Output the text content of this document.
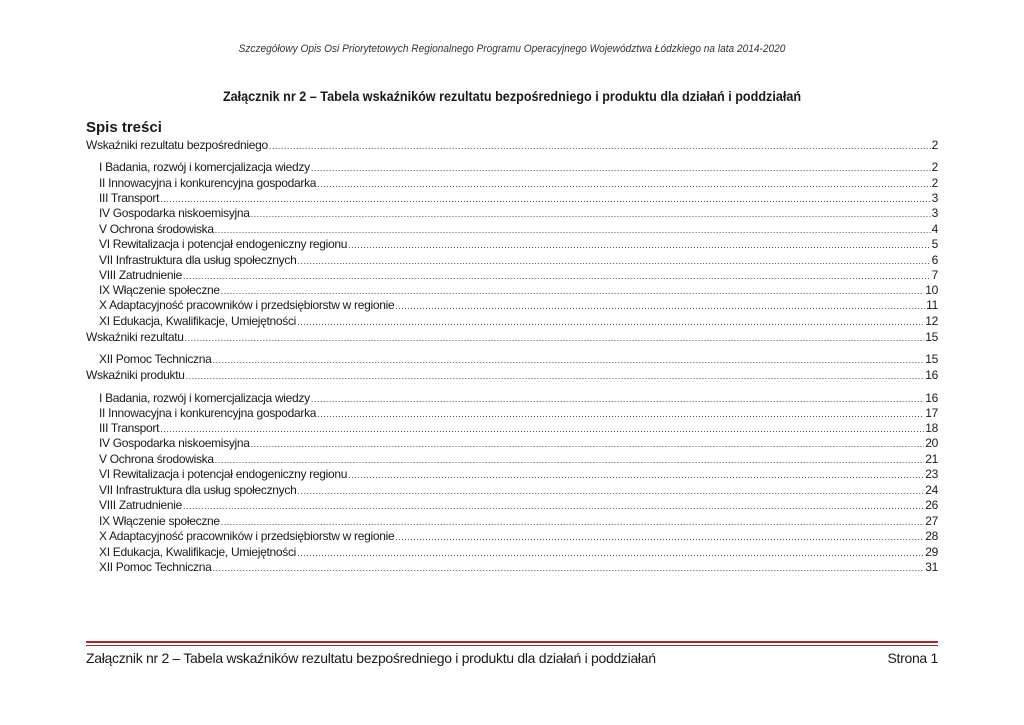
Szczegółowy Opis Osi Priorytetowych Regionalnego Programu Operacyjnego Województwa Łódzkiego na lata 2014-2020
Załącznik nr 2 – Tabela wskaźników rezultatu bezpośredniego i produktu dla działań i poddziałań
Spis treści
Wskaźniki rezultatu bezpośredniego .....	2
I Badania, rozwój i komercjalizacja wiedzy .....	2
II Innowacyjna i konkurencyjna gospodarka .....	2
III Transport .....	3
IV Gospodarka niskoemisyjna .....	3
V Ochrona środowiska .....	4
VI Rewitalizacja i potencjał endogeniczny regionu .....	5
VII Infrastruktura dla usług społecznych .....	6
VIII Zatrudnienie .....	7
IX Włączenie społeczne .....	10
X Adaptacyjność pracowników i przedsiębiorstw w regionie .....	11
XI Edukacja, Kwalifikacje, Umiejętności .....	12
Wskaźniki rezultatu .....	15
XII Pomoc Techniczna .....	15
Wskaźniki produktu .....	16
I Badania, rozwój i komercjalizacja wiedzy .....	16
II Innowacyjna i konkurencyjna gospodarka .....	17
III Transport .....	18
IV Gospodarka niskoemisyjna .....	20
V Ochrona środowiska .....	21
VI Rewitalizacja i potencjał endogeniczny regionu .....	23
VII Infrastruktura dla usług społecznych .....	24
VIII Zatrudnienie .....	26
IX Włączenie społeczne .....	27
X Adaptacyjność pracowników i przedsiębiorstw w regionie .....	28
XI Edukacja, Kwalifikacje, Umiejętności .....	29
XII Pomoc Techniczna .....	31
Załącznik nr 2 – Tabela wskaźników rezultatu bezpośredniego i produktu dla działań i poddziałań	Strona 1
